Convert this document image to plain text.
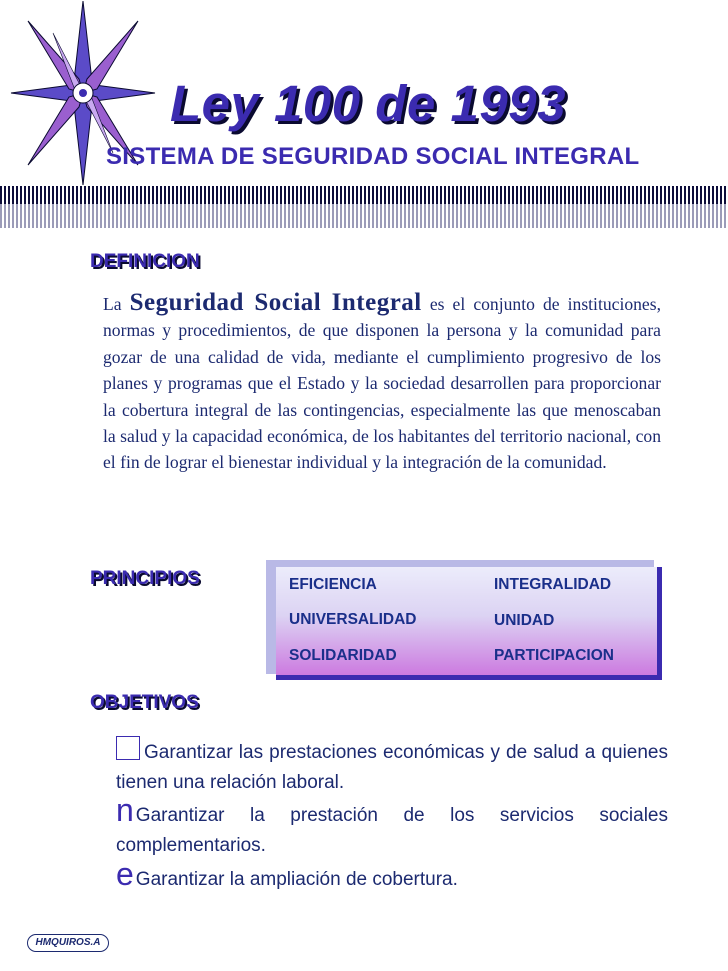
Ley 100 de 1993
SISTEMA DE SEGURIDAD SOCIAL INTEGRAL
DEFINICION
La Seguridad Social Integral es el conjunto de instituciones, normas y procedimientos, de que disponen la persona y la comunidad para gozar de una calidad de vida, mediante el cumplimiento progresivo de los planes y programas que el Estado y la sociedad desarrollen para proporcionar la cobertura integral de las contingencias, especialmente las que menoscaban la salud y la capacidad económica, de los habitantes del territorio nacional, con el fin de lograr el bienestar individual y la integración de la comunidad.
PRINCIPIOS	EFICIENCIA	INTEGRALIDAD
UNIVERSALIDAD	UNIDAD
SOLIDARIDAD	PARTICIPACION
OBJETIVOS
Garantizar las prestaciones económicas y de salud a quienes tienen una relación laboral.
n Garantizar la prestación de los servicios sociales complementarios.
e Garantizar la ampliación de cobertura.
HMQUIROS.A
